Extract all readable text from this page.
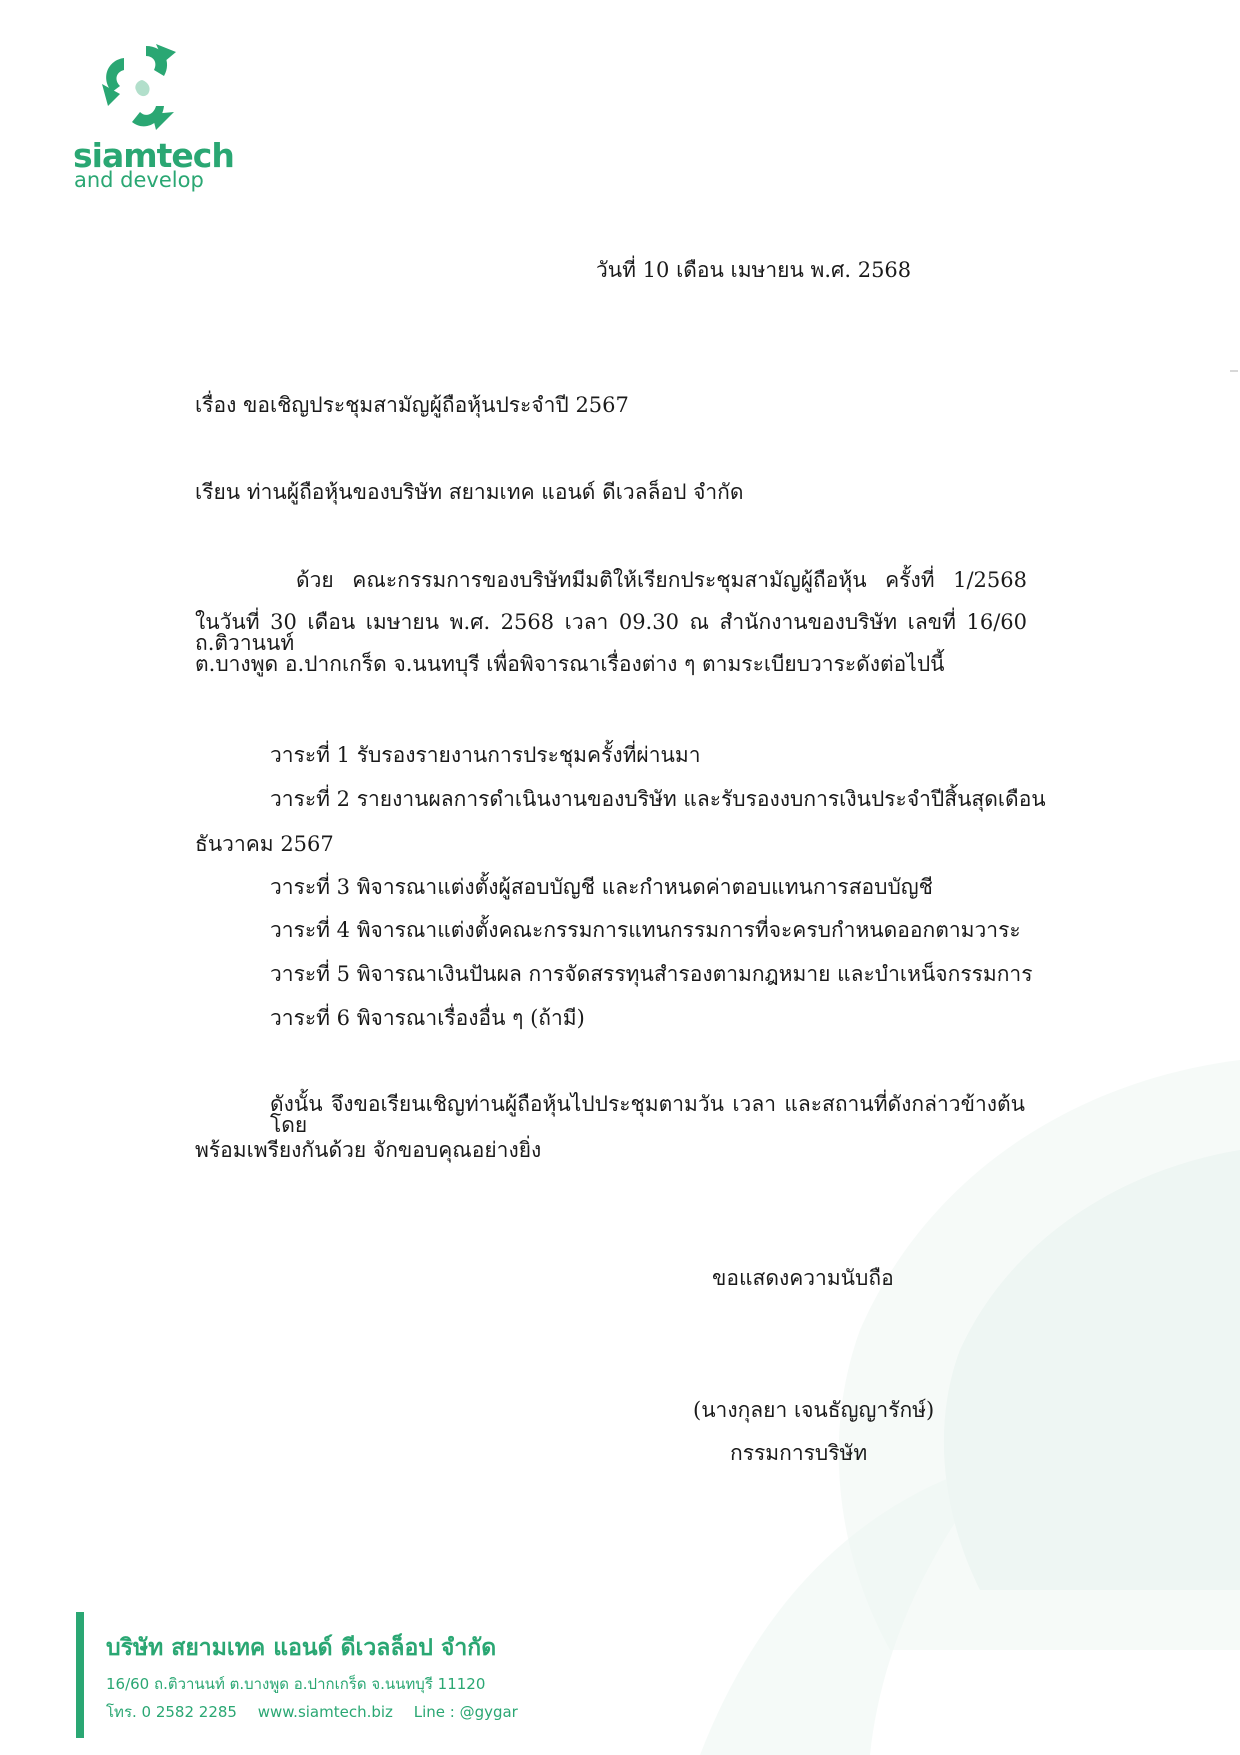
siamtech
and develop
วันที่ 10 เดือน เมษายน พ.ศ. 2568
เรื่อง ขอเชิญประชุมสามัญผู้ถือหุ้นประจำปี 2567
เรียน ท่านผู้ถือหุ้นของบริษัท สยามเทค แอนด์ ดีเวลล็อป จำกัด
ด้วย คณะกรรมการของบริษัทมีมติให้เรียกประชุมสามัญผู้ถือหุ้น ครั้งที่ 1/2568
ในวันที่ 30 เดือน เมษายน พ.ศ. 2568 เวลา 09.30 ณ สำนักงานของบริษัท เลขที่ 16/60 ถ.ติวานนท์
ต.บางพูด อ.ปากเกร็ด จ.นนทบุรี เพื่อพิจารณาเรื่องต่าง ๆ ตามระเบียบวาระดังต่อไปนี้
วาระที่ 1 รับรองรายงานการประชุมครั้งที่ผ่านมา
วาระที่ 2 รายงานผลการดำเนินงานของบริษัท และรับรองงบการเงินประจำปีสิ้นสุดเดือน
ธันวาคม 2567
วาระที่ 3 พิจารณาแต่งตั้งผู้สอบบัญชี และกำหนดค่าตอบแทนการสอบบัญชี
วาระที่ 4 พิจารณาแต่งตั้งคณะกรรมการแทนกรรมการที่จะครบกำหนดออกตามวาระ
วาระที่ 5 พิจารณาเงินปันผล การจัดสรรทุนสำรองตามกฎหมาย และบำเหน็จกรรมการ
วาระที่ 6 พิจารณาเรื่องอื่น ๆ (ถ้ามี)
ดังนั้น จึงขอเรียนเชิญท่านผู้ถือหุ้นไปประชุมตามวัน เวลา และสถานที่ดังกล่าวข้างต้นโดย
พร้อมเพรียงกันด้วย จักขอบคุณอย่างยิ่ง
ขอแสดงความนับถือ
(นางกุลยา เจนธัญญารักษ์)
กรรมการบริษัท
บริษัท สยามเทค แอนด์ ดีเวลล็อป จำกัด
16/60 ถ.ติวานนท์ ต.บางพูด อ.ปากเกร็ด จ.นนทบุรี 11120
โทร. 0 2582 2285 www.siamtech.biz Line : @gygar
